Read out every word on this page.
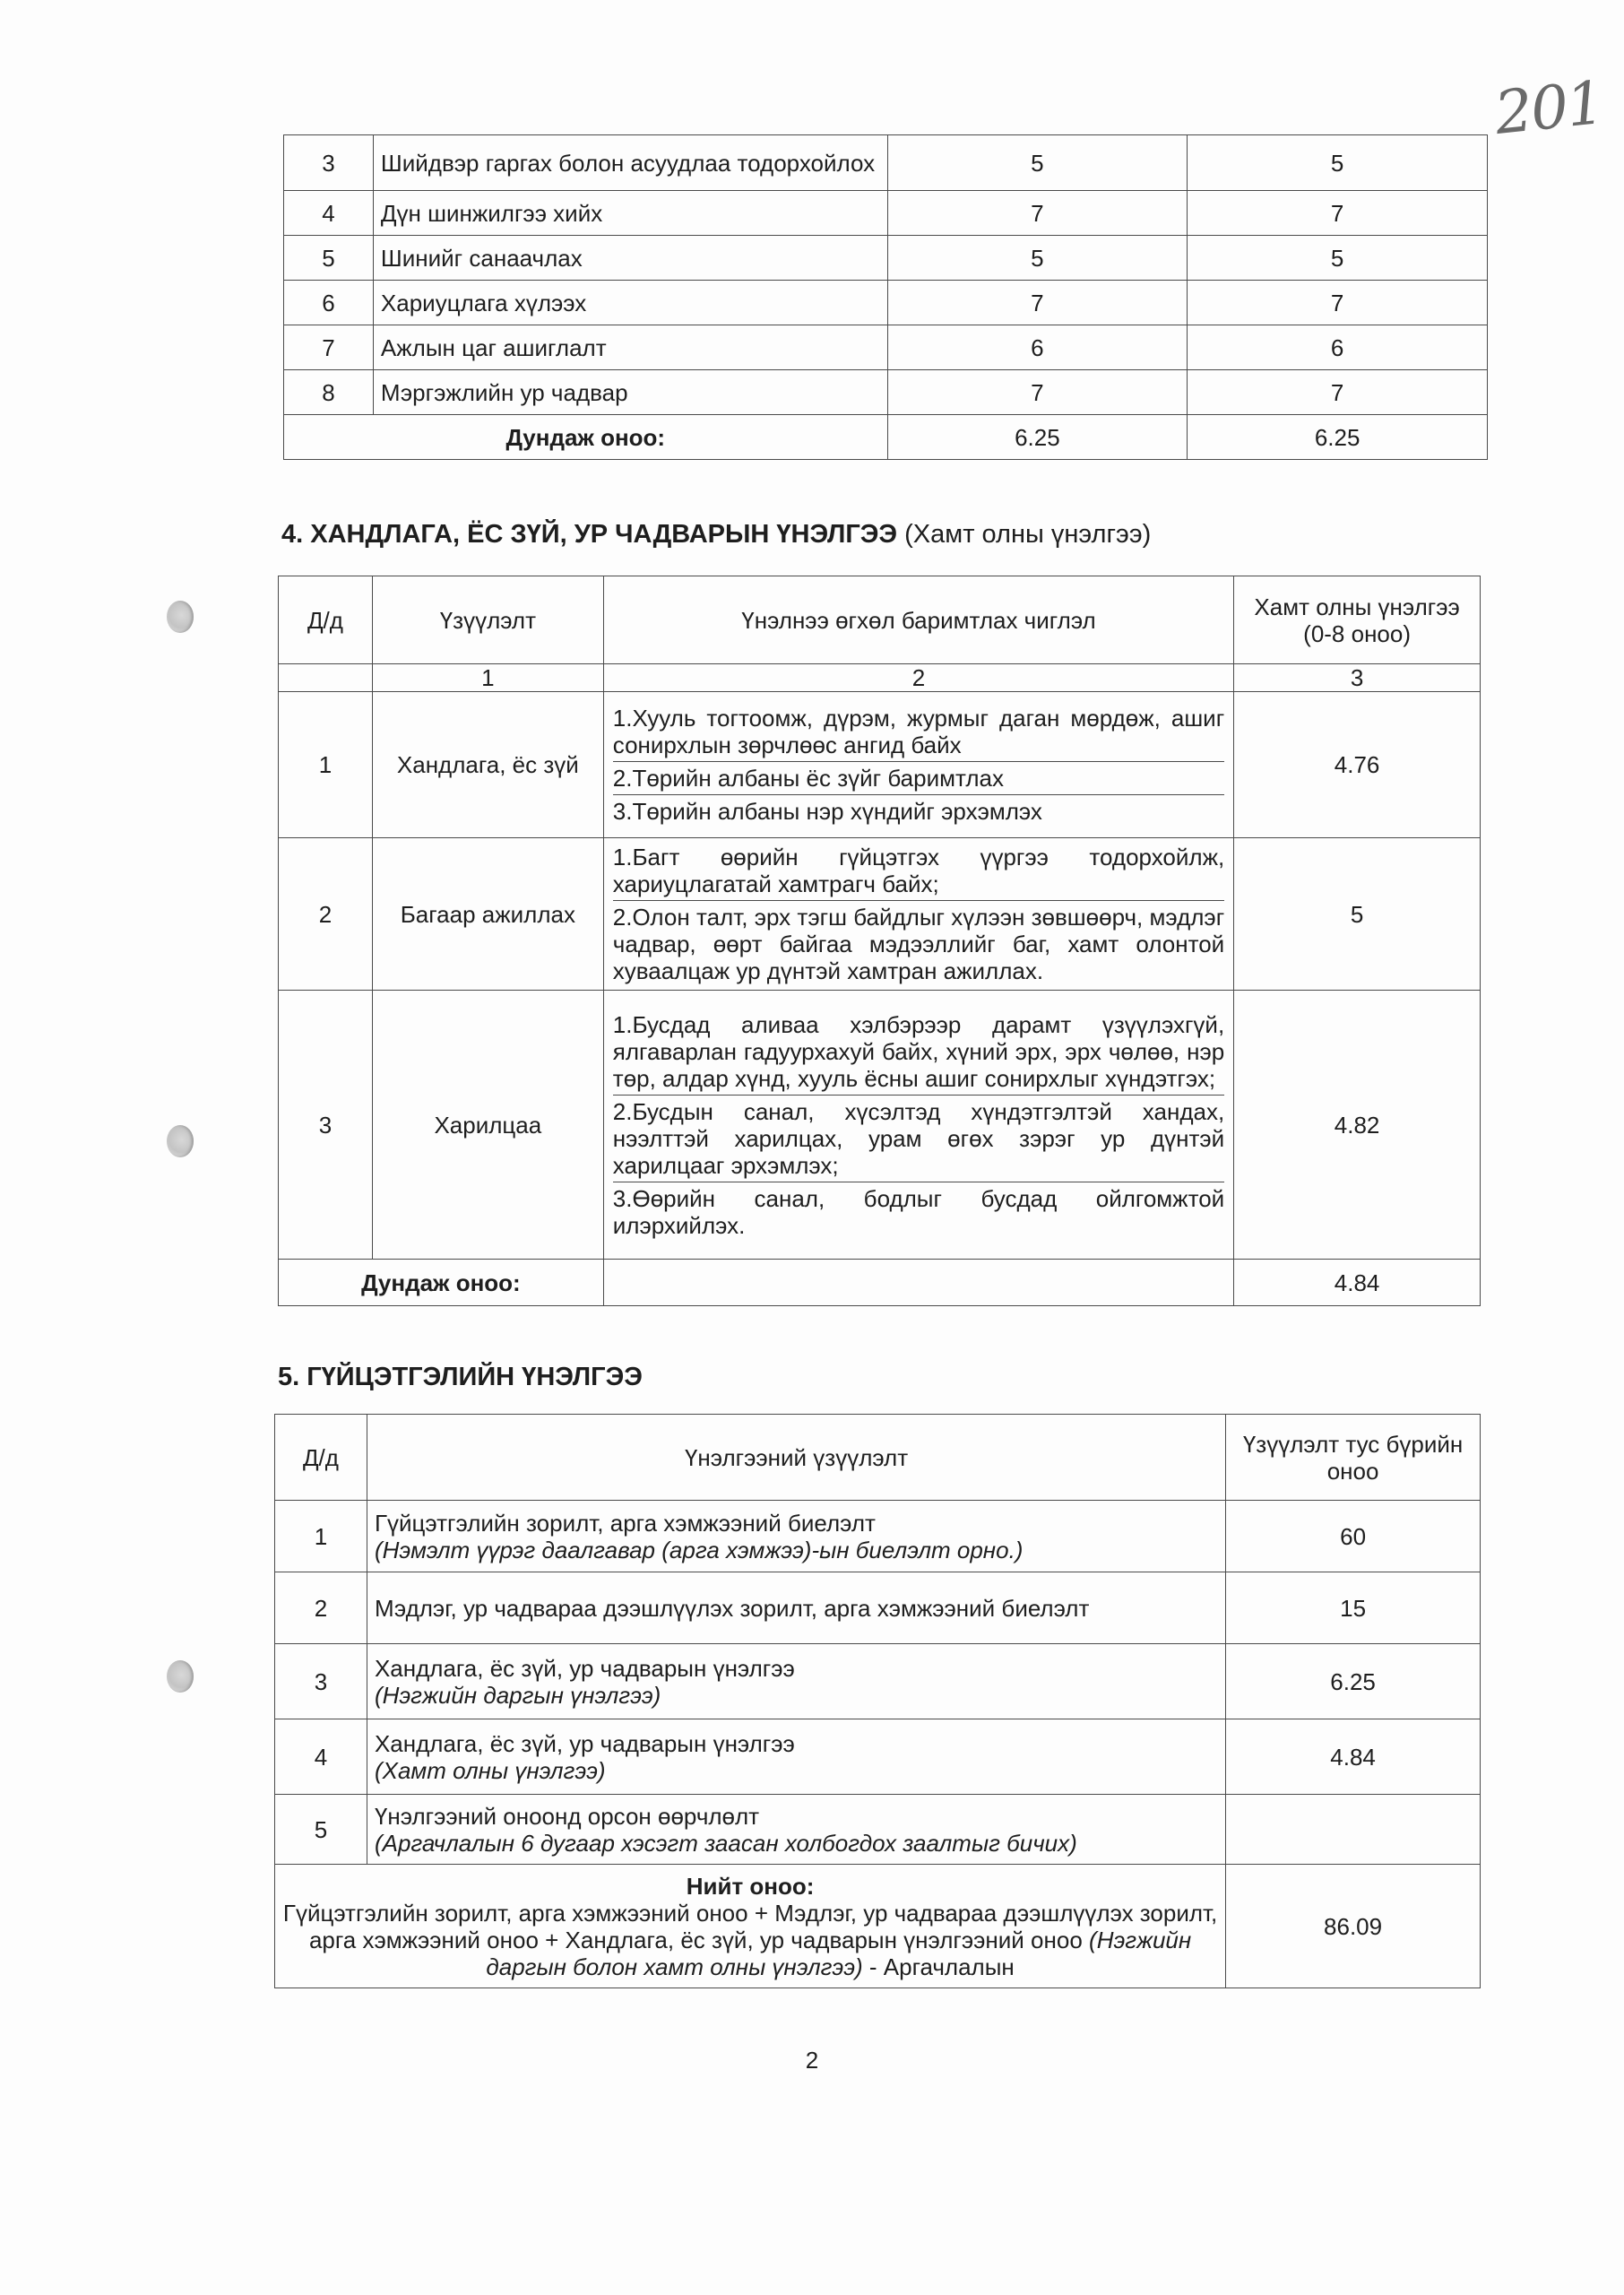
201
3	Шийдвэр гаргах болон асуудлаа тодорхойлох	5	5
4	Дүн шинжилгээ хийх	7	7
5	Шинийг санаачлах	5	5
6	Хариуцлага хүлээх	7	7
7	Ажлын цаг ашиглалт	6	6
8	Мэргэжлийн ур чадвар	7	7
Дундаж оноо:		6.25	6.25
4. ХАНДЛАГА, ЁС ЗҮЙ, УР ЧАДВАРЫН ҮНЭЛГЭЭ (Хамт олны үнэлгээ)
Д/д	Үзүүлэлт	Үнэлнээ өгхөл баримтлах чиглэл	Хамт олны үнэлгээ (0-8 оноо)
	1	2	3
1	Хандлага, ёс зүй	1.Хууль тогтоомж, дүрэм, журмыг даган мөрдөж, ашиг сонирхлын зөрчлөөс ангид байх
2.Төрийн албаны ёс зүйг баримтлах
3.Төрийн албаны нэр хүндийг эрхэмлэх	4.76
2	Багаар ажиллах	1.Багт өөрийн гүйцэтгэх үүргээ тодорхойлж, хариуцлагатай хамтрагч байх;
2.Олон талт, эрх тэгш байдлыг хүлээн зөвшөөрч, мэдлэг чадвар, өөрт байгаа мэдээллийг баг, хамт олонтой хуваалцаж ур дүнтэй хамтран ажиллах.	5
3	Харилцаа	1.Бусдад аливаа хэлбэрээр дарамт үзүүлэхгүй, ялгаварлан гадуурхахуй байх, хүний эрх, эрх чөлөө, нэр төр, алдар хүнд, хууль ёсны ашиг сонирхлыг хүндэтгэх;
2.Бусдын санал, хүсэлтэд хүндэтгэлтэй хандах, нээлттэй харилцах, урам өгөх зэрэг ур дүнтэй харилцааг эрхэмлэх;
3.Өөрийн санал, бодлыг бусдад ойлгомжтой илэрхийлэх.	4.82
Дундаж оноо:			4.84
5. ГҮЙЦЭТГЭЛИЙН ҮНЭЛГЭЭ
Д/д	Үнэлгээний үзүүлэлт	Үзүүлэлт тус бүрийн оноо
1	Гүйцэтгэлийн зорилт, арга хэмжээний биелэлт
(Нэмэлт үүрэг даалгавар (арга хэмжээ)-ын биелэлт орно.)	60
2	Мэдлэг, ур чадвараа дээшлүүлэх зорилт, арга хэмжээний биелэлт	15
3	Хандлага, ёс зүй, ур чадварын үнэлгээ
(Нэгжийн даргын үнэлгээ)	6.25
4	Хандлага, ёс зүй, ур чадварын үнэлгээ
(Хамт олны үнэлгээ)	4.84
5	Үнэлгээний оноонд орсон өөрчлөлт
(Аргачлалын 6 дугаар хэсэгт заасан холбогдох заалтыг бичих)	

Нийт оноо:
Гүйцэтгэлийн зорилт, арга хэмжээний оноо + Мэдлэг, ур чадвараа дээшлүүлэх зорилт, арга хэмжээний оноо + Хандлага, ёс зүй, ур чадварын үнэлгээний оноо (Нэгжийн даргын болон хамт олны үнэлгээ) - Аргачлалын		86.09
2
